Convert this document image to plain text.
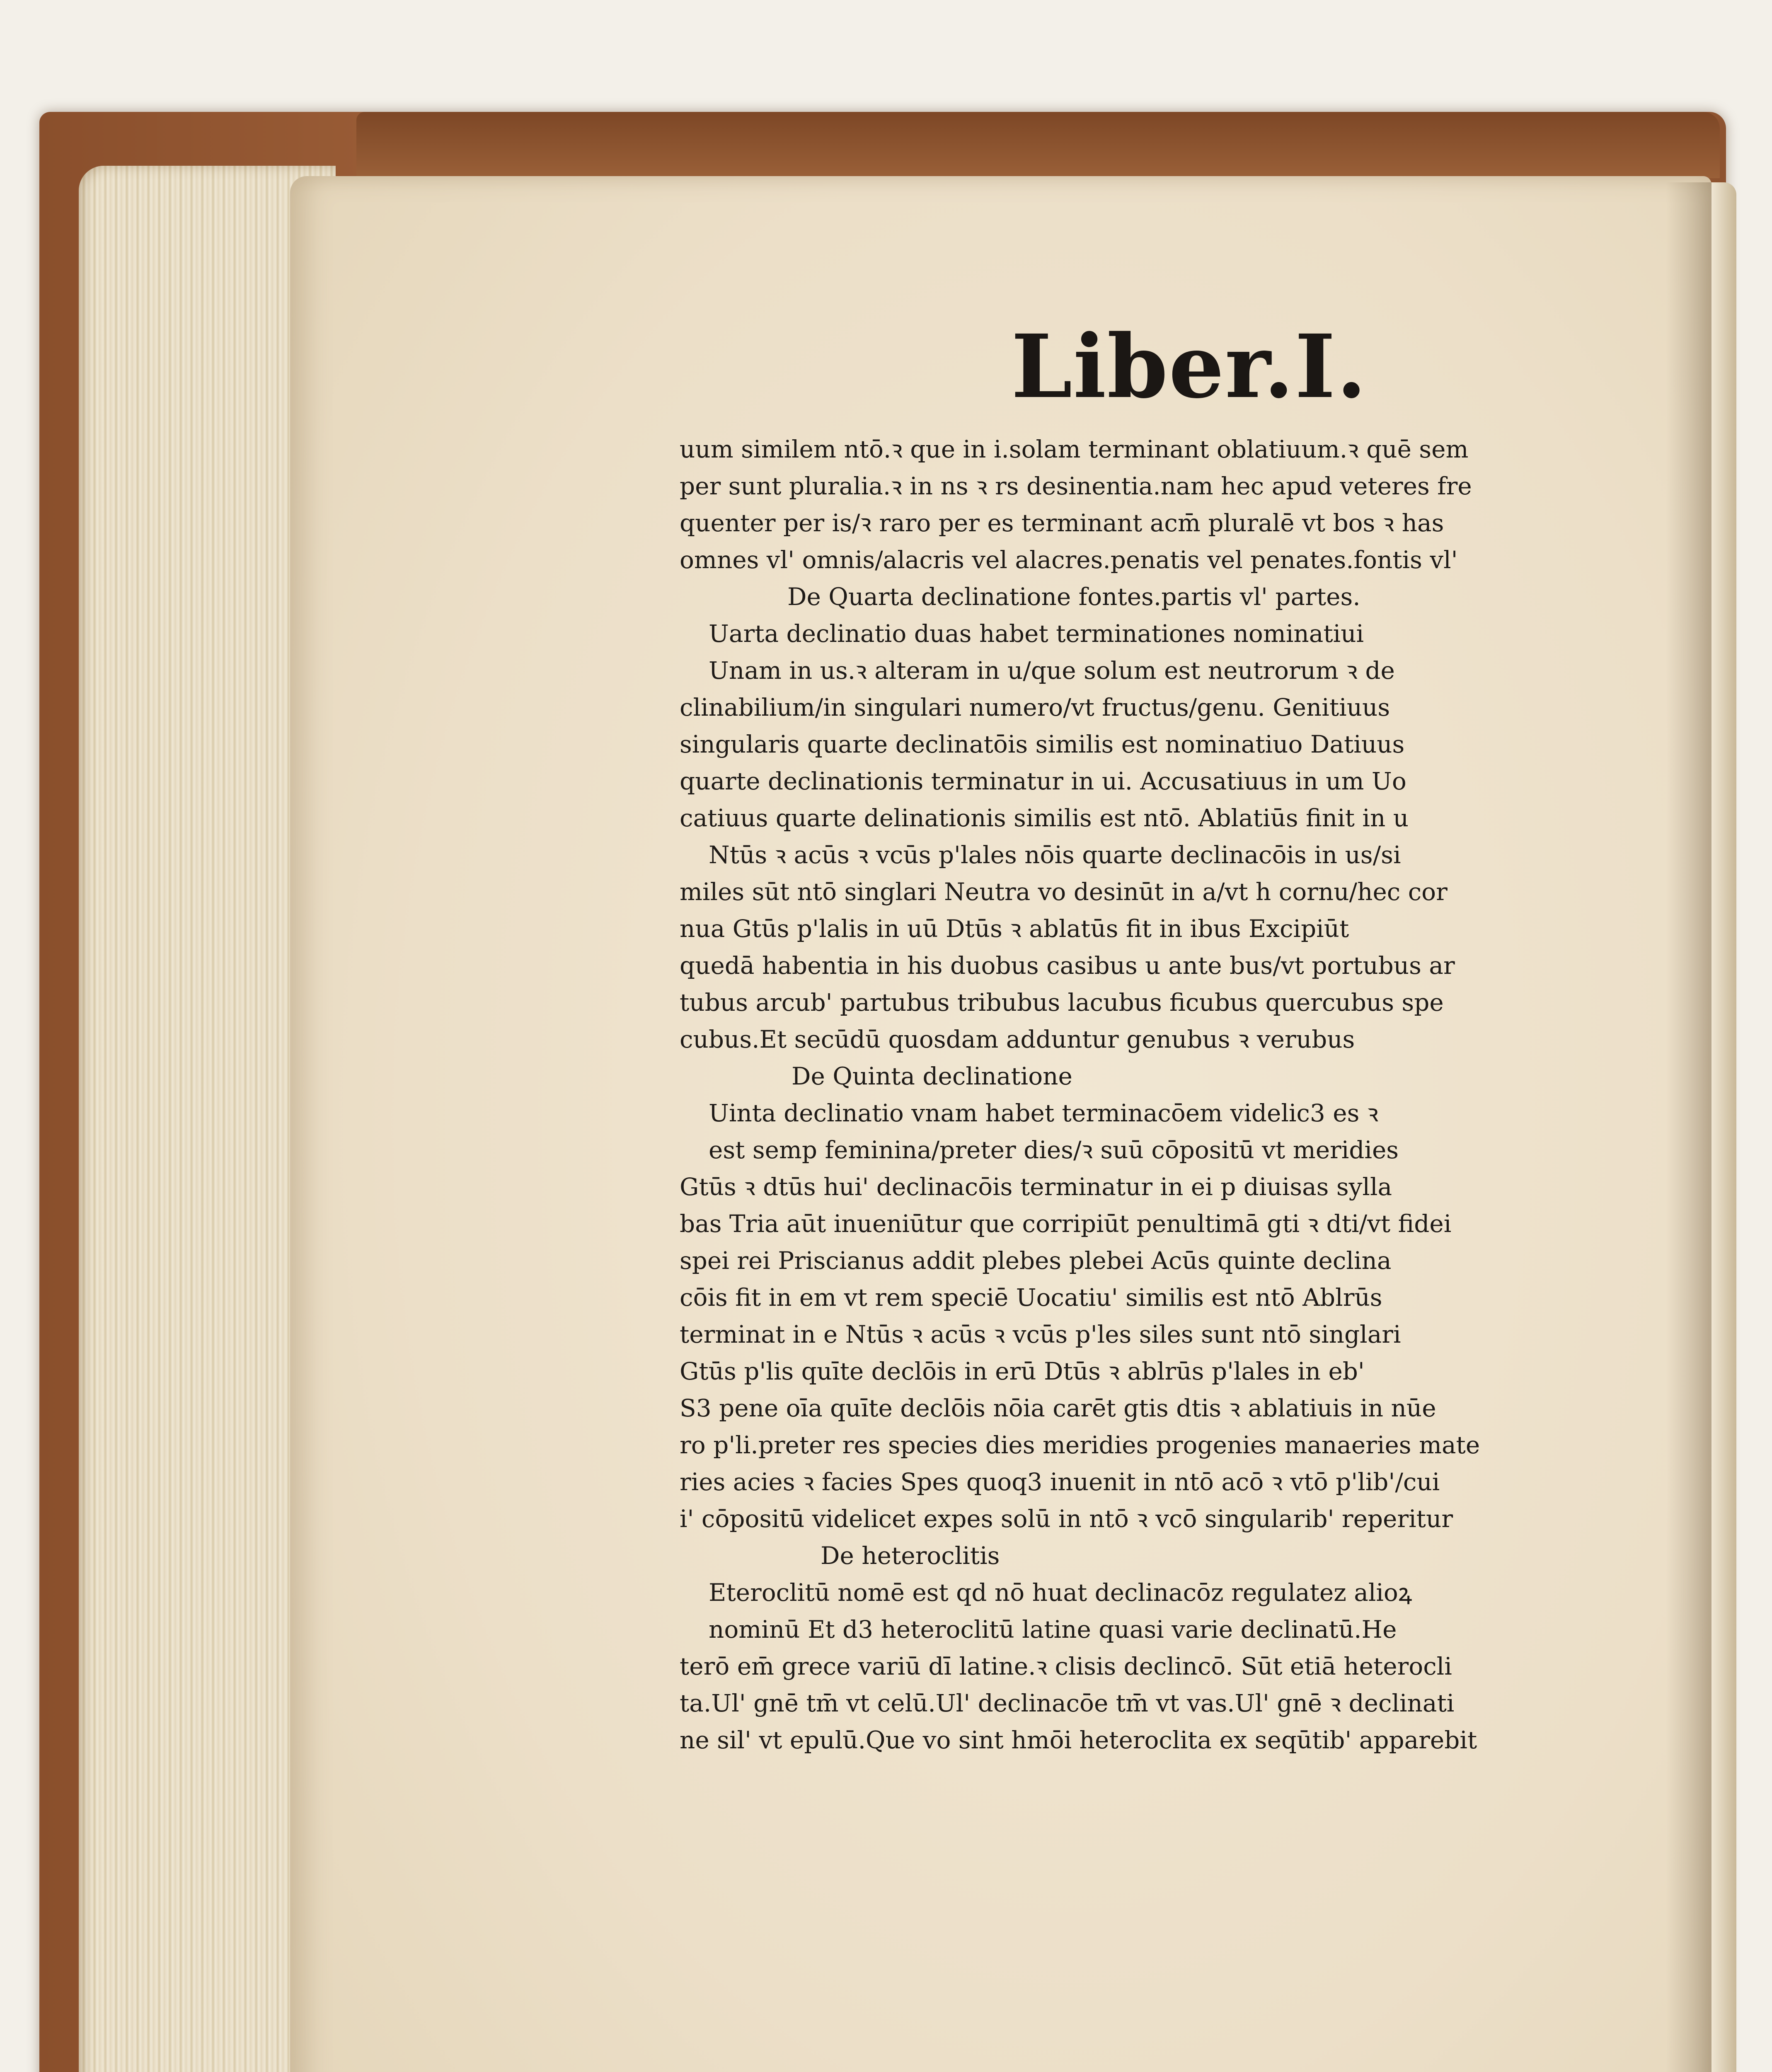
Liber.I.
uum similem ntō.ꝛ que in i.solam terminant oblatiuum.ꝛ quē sem
per sunt pluralia.ꝛ in ns ꝛ rs desinentia.nam hec apud veteres fre
quenter per is/ꝛ raro per es terminant acm̄ pluralē vt bos ꝛ has
omnes vl' omnis/alacris vel alacres.penatis vel penates.fontis vl'
De Quarta declinatione fontes.partis vl' partes.
Uarta declinatio duas habet terminationes nominatiui
Unam in us.ꝛ alteram in u/que solum est neutrorum ꝛ de
clinabilium/in singulari numero/vt fructus/genu. Genitiuus
singularis quarte declinatōis similis est nominatiuo Datiuus
quarte declinationis terminatur in ui. Accusatiuus in um Uo
catiuus quarte delinationis similis est ntō. Ablatiūs finit in u
Ntūs ꝛ acūs ꝛ vcūs p'lales nōis quarte declinacōis in us/si
miles sūt ntō singlari Neutra vo desinūt in a/vt h cornu/hec cor
nua Gtūs p'lalis in uū Dtūs ꝛ ablatūs fit in ibus Excipiūt
quedā habentia in his duobus casibus u ante bus/vt portubus ar
tubus arcub' partubus tribubus lacubus ficubus quercubus spe
cubus.Et secūdū quosdam adduntur genubus ꝛ verubus
De Quinta declinatione
Uinta declinatio vnam habet terminacōem videlic3 es ꝛ
est semp feminina/preter dies/ꝛ suū cōpositū vt meridies
Gtūs ꝛ dtūs hui' declinacōis terminatur in ei p diuisas sylla
bas Tria aūt inueniūtur que corripiūt penultimā gti ꝛ dti/vt fidei
spei rei Priscianus addit plebes plebei Acūs quinte declina
cōis fit in em vt rem speciē Uocatiu' similis est ntō Ablrūs
terminat in e Ntūs ꝛ acūs ꝛ vcūs p'les siles sunt ntō singlari
Gtūs p'lis quīte declōis in erū Dtūs ꝛ ablrūs p'lales in eb'
S3 pene oīa quīte declōis nōia carēt gtis dtis ꝛ ablatiuis in nūe
ro p'li.preter res species dies meridies progenies manaeries mate
ries acies ꝛ facies Spes quoq3 inuenit in ntō acō ꝛ vtō p'lib'/cui
i' cōpositū videlicet expes solū in ntō ꝛ vcō singularib' reperitur
De heteroclitis
Eteroclitū nomē est qd nō huat declinacōz regulatez alioꝝ
nominū Et d3 heteroclitū latine quasi varie declinatū.He
terō em̄ grece variū dī latine.ꝛ clisis declincō. Sūt etiā heterocli
ta.Ul' gnē tm̄ vt celū.Ul' declinacōe tm̄ vt vas.Ul' gnē ꝛ declinati
ne sil' vt epulū.Que vo sint hmōi heteroclita ex seqūtib' apparebit
